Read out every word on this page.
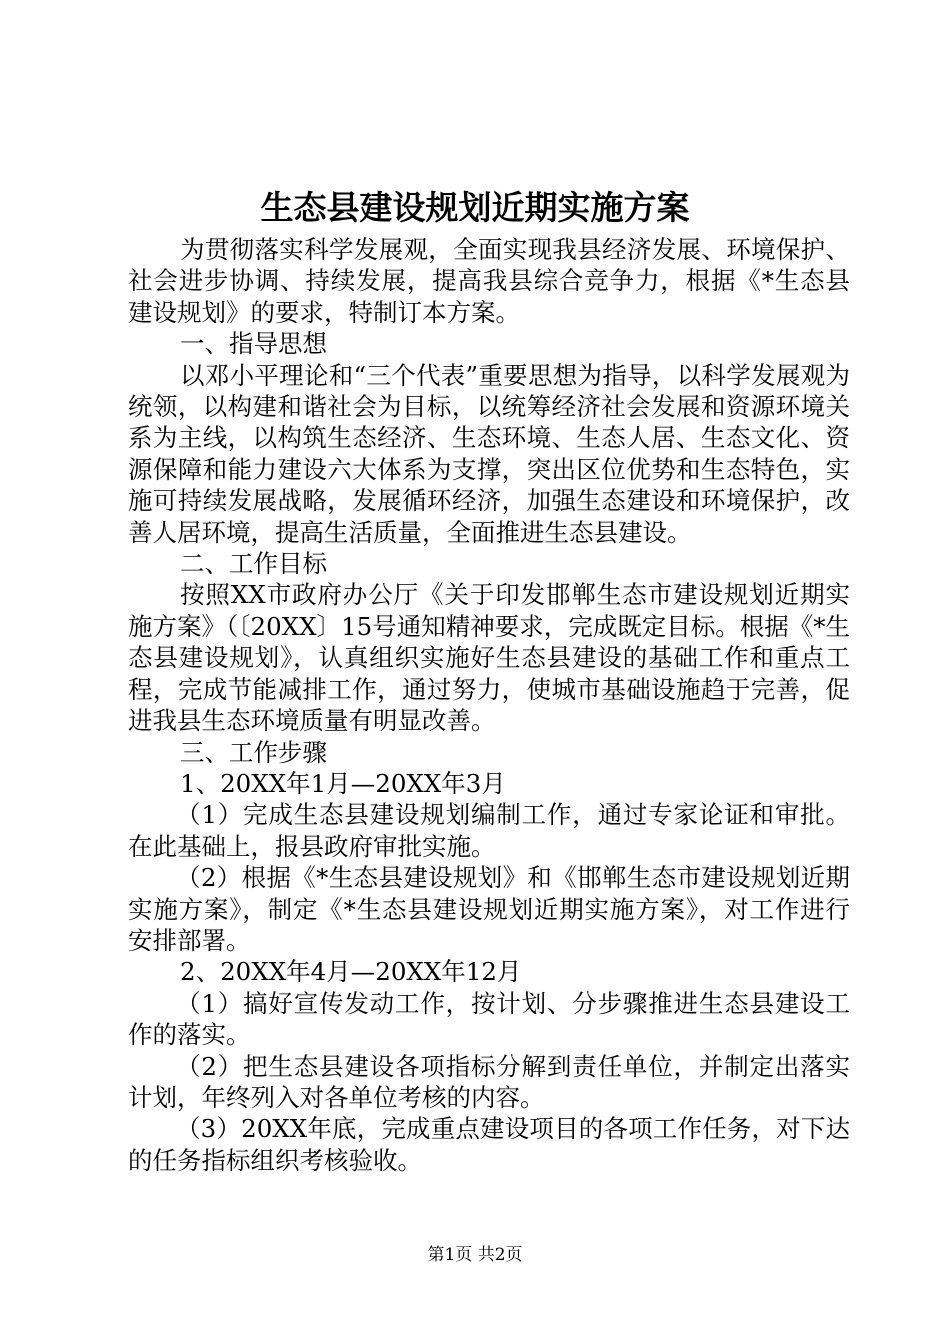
生态县建设规划近期实施方案

为贯彻落实科学发展观，全面实现我县经济发展、环境保护、社会进步协调、持续发展，提高我县综合竞争力，根据《*生态县建设规划》的要求，特制订本方案。

一、指导思想

以邓小平理论和“三个代表”重要思想为指导，以科学发展观为统领，以构建和谐社会为目标，以统筹经济社会发展和资源环境关系为主线，以构筑生态经济、生态环境、生态人居、生态文化、资源保障和能力建设六大体系为支撑，突出区位优势和生态特色，实施可持续发展战略，发展循环经济，加强生态建设和环境保护，改善人居环境，提高生活质量，全面推进生态县建设。

二、工作目标

按照XX市政府办公厅《关于印发邯郸生态市建设规划近期实施方案》（〔20XX〕15号通知精神要求，完成既定目标。根据《*生态县建设规划》，认真组织实施好生态县建设的基础工作和重点工程，完成节能减排工作，通过努力，使城市基础设施趋于完善，促进我县生态环境质量有明显改善。

三、工作步骤

1、20XX年1月—20XX年3月

（1）完成生态县建设规划编制工作，通过专家论证和审批。在此基础上，报县政府审批实施。

（2）根据《*生态县建设规划》和《邯郸生态市建设规划近期实施方案》，制定《*生态县建设规划近期实施方案》，对工作进行安排部署。

2、20XX年4月—20XX年12月

（1）搞好宣传发动工作，按计划、分步骤推进生态县建设工作的落实。

（2）把生态县建设各项指标分解到责任单位，并制定出落实计划，年终列入对各单位考核的内容。

（3）20XX年底，完成重点建设项目的各项工作任务，对下达的任务指标组织考核验收。

第1页 共2页
